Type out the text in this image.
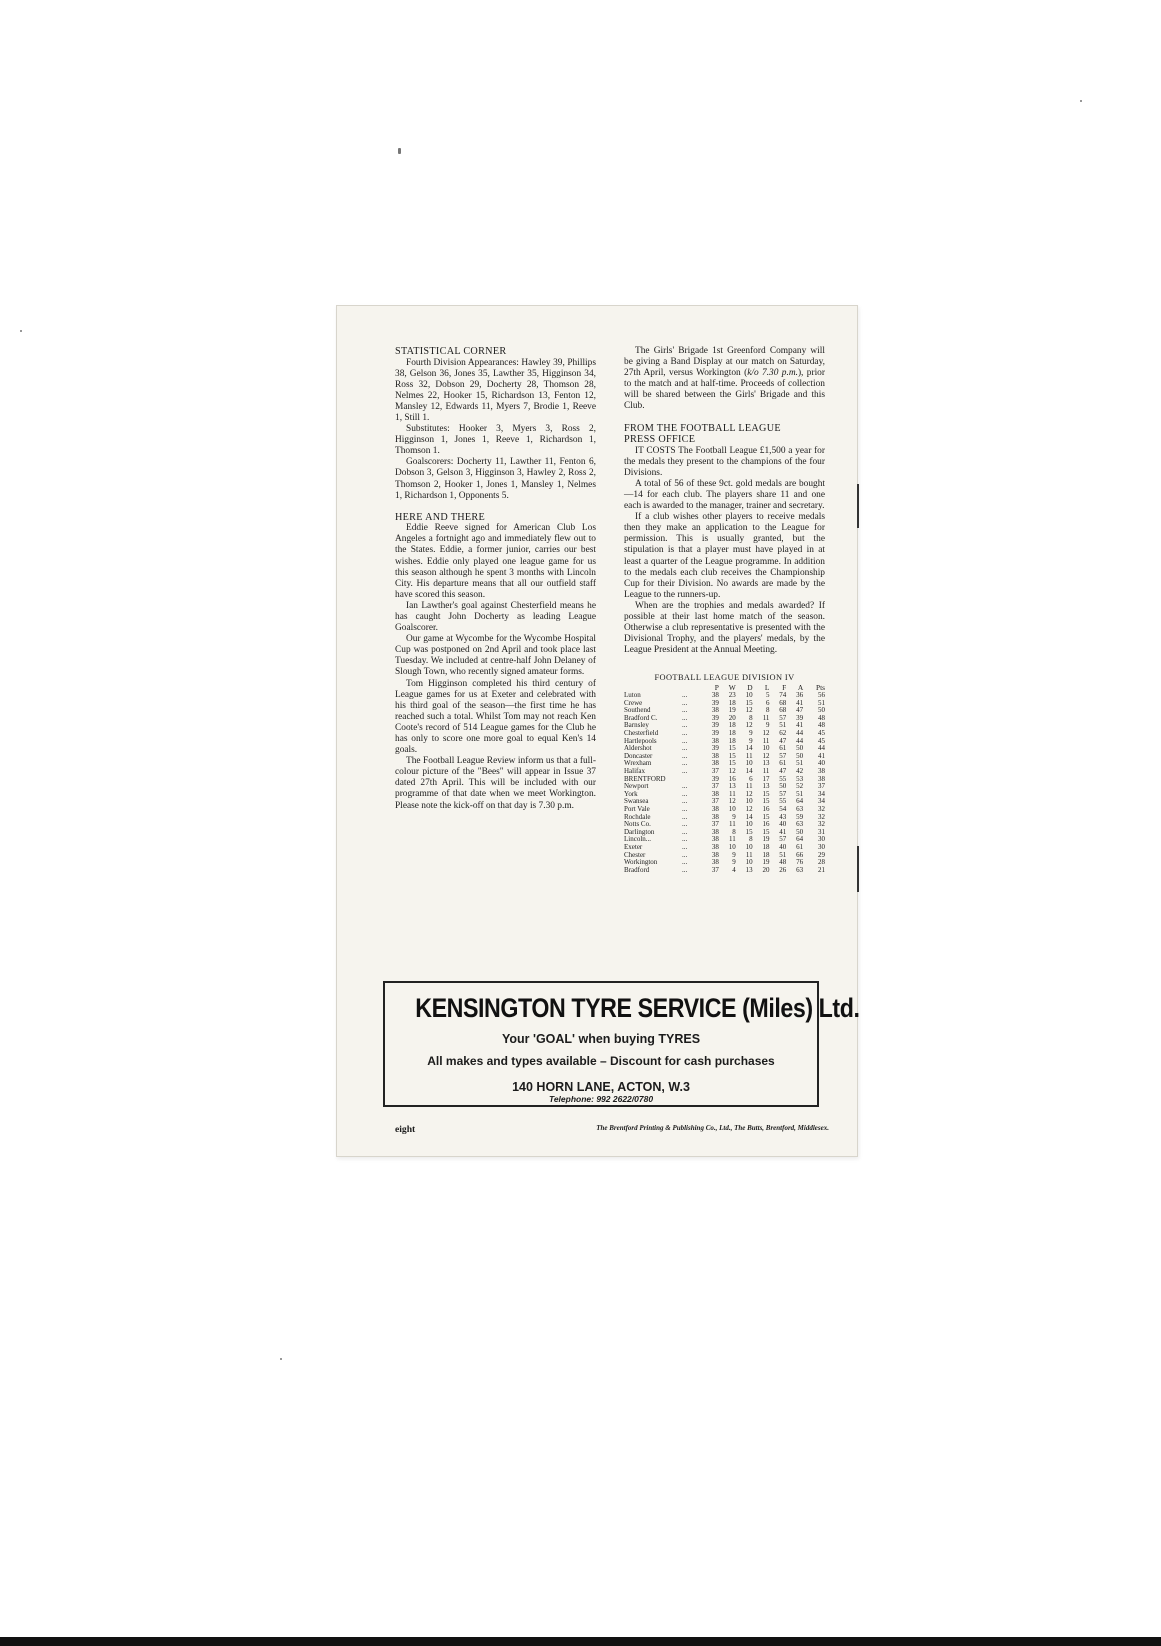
STATISTICAL CORNER

Fourth Division Appearances: Hawley 39, Phillips 38, Gelson 36, Jones 35, Lawther 35, Higginson 34, Ross 32, Dobson 29, Docherty 28, Thomson 28, Nelmes 22, Hooker 15, Richardson 13, Fenton 12, Mansley 12, Edwards 11, Myers 7, Brodie 1, Reeve 1, Still 1.

Substitutes: Hooker 3, Myers 3, Ross 2, Higginson 1, Jones 1, Reeve 1, Richardson 1, Thomson 1.

Goalscorers: Docherty 11, Lawther 11, Fenton 6, Dobson 3, Gelson 3, Higginson 3, Hawley 2, Ross 2, Thomson 2, Hooker 1, Jones 1, Mansley 1, Nelmes 1, Richardson 1, Opponents 5.

HERE AND THERE

Eddie Reeve signed for American Club Los Angeles a fortnight ago and immediately flew out to the States. Eddie, a former junior, carries our best wishes. Eddie only played one league game for us this season although he spent 3 months with Lincoln City. His departure means that all our outfield staff have scored this season.

Ian Lawther's goal against Chesterfield means he has caught John Docherty as leading League Goalscorer.

Our game at Wycombe for the Wycombe Hospital Cup was postponed on 2nd April and took place last Tuesday. We included at centre-half John Delaney of Slough Town, who recently signed amateur forms.

Tom Higginson completed his third century of League games for us at Exeter and celebrated with his third goal of the season—the first time he has reached such a total. Whilst Tom may not reach Ken Coote's record of 514 League games for the Club he has only to score one more goal to equal Ken's 14 goals.

The Football League Review inform us that a full-colour picture of the "Bees" will appear in Issue 37 dated 27th April. This will be included with our programme of that date when we meet Workington. Please note the kick-off on that day is 7.30 p.m.

The Girls' Brigade 1st Greenford Company will be giving a Band Display at our match on Saturday, 27th April, versus Workington (k/o 7.30 p.m.), prior to the match and at half-time. Proceeds of collection will be shared between the Girls' Brigade and this Club.

FROM THE FOOTBALL LEAGUE
PRESS OFFICE

IT COSTS The Football League £1,500 a year for the medals they present to the champions of the four Divisions.

A total of 56 of these 9ct. gold medals are bought—14 for each club. The players share 11 and one each is awarded to the manager, trainer and secretary.

If a club wishes other players to receive medals then they make an application to the League for permission. This is usually granted, but the stipulation is that a player must have played in at least a quarter of the League programme. In addition to the medals each club receives the Championship Cup for their Division. No awards are made by the League to the runners-up.

When are the trophies and medals awarded? If possible at their last home match of the season. Otherwise a club representative is presented with the Divisional Trophy, and the players' medals, by the League President at the Annual Meeting.

FOOTBALL LEAGUE DIVISION IV
		P	W	D	L	F	A	Pts
Luton	...	38	23	10	5	74	36	56
Crewe	...	39	18	15	6	68	41	51
Southend	...	38	19	12	8	68	47	50
Bradford C.	...	39	20	8	11	57	39	48
Barnsley	...	39	18	12	9	51	41	48
Chesterfield	...	39	18	9	12	62	44	45
Hartlepools	...	38	18	9	11	47	44	45
Aldershot	...	39	15	14	10	61	50	44
Doncaster	...	38	15	11	12	57	50	41
Wrexham	...	38	15	10	13	61	51	40
Halifax	...	37	12	14	11	47	42	38
BRENTFORD		39	16	6	17	55	53	38
Newport	...	37	13	11	13	50	52	37
York	...	38	11	12	15	57	51	34
Swansea	...	37	12	10	15	55	64	34
Port Vale	...	38	10	12	16	54	63	32
Rochdale	...	38	9	14	15	43	59	32
Notts Co.	...	37	11	10	16	40	63	32
Darlington	...	38	8	15	15	41	50	31
Lincoln...	...	38	11	8	19	57	64	30
Exeter	...	38	10	10	18	40	61	30
Chester	...	38	9	11	18	51	66	29
Workington	...	38	9	10	19	48	76	28
Bradford	...	37	4	13	20	26	63	21
KENSINGTON TYRE SERVICE (Miles) Ltd.
Your 'GOAL' when buying TYRES
All makes and types available – Discount for cash purchases
140 HORN LANE, ACTON, W.3
Telephone: 992 2622/0780
eight	The Brentford Printing & Publishing Co., Ltd., The Butts, Brentford, Middlesex.
